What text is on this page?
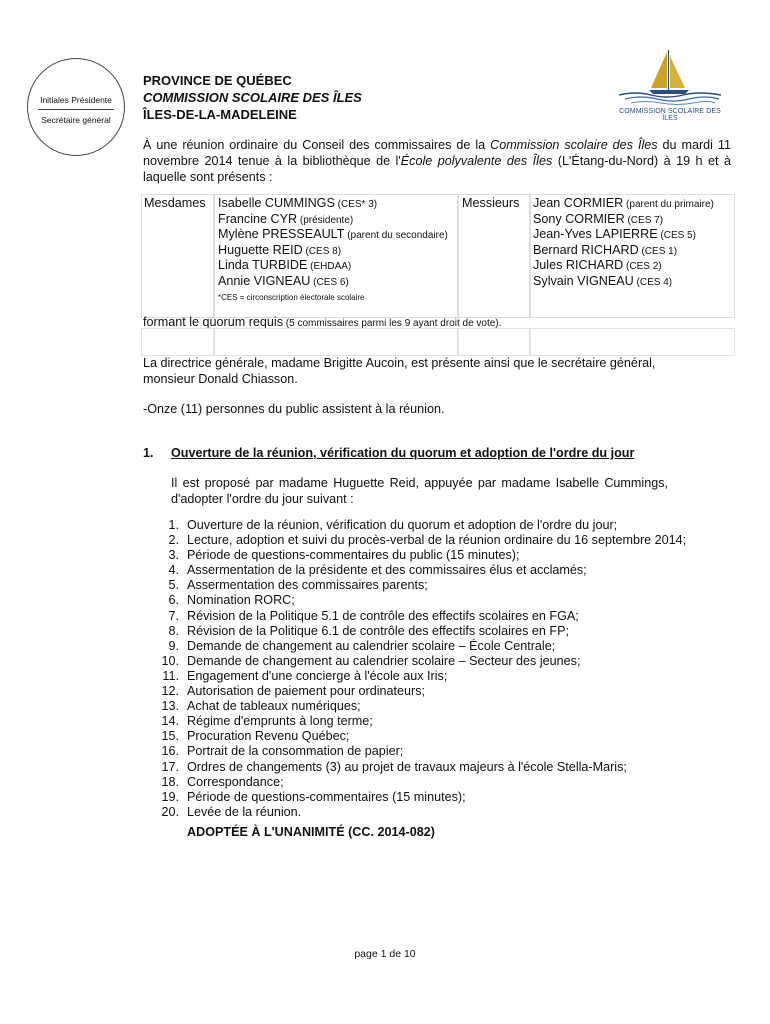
Initiales Présidente
Secrétaire général
PROVINCE DE QUÉBEC
COMMISSION SCOLAIRE DES ÎLES
ÎLES-DE-LA-MADELEINE	COMMISSION SCOLAIRE DES ÎLES
À une réunion ordinaire du Conseil des commissaires de la Commission scolaire des Îles du mardi 11 novembre 2014 tenue à la bibliothèque de l'École polyvalente des Îles (L'Étang-du-Nord) à 19 h et à laquelle sont présents :
Mesdames Isabelle CUMMINGS (CES* 3)
Francine CYR (présidente)
Mylène PRESSEAULT (parent du secondaire)
Huguette REID (CES 8)
Linda TURBIDE (EHDAA)
Annie VIGNEAU (CES 6)
*CES = circonscription électorale scolaire
Messieurs Jean CORMIER (parent du primaire)
Sony CORMIER (CES 7)
Jean-Yves LAPIERRE (CES 5)
Bernard RICHARD (CES 1)
Jules RICHARD (CES 2)
Sylvain VIGNEAU (CES 4)
formant le quorum requis (5 commissaires parmi les 9 ayant droit de vote).
La directrice générale, madame Brigitte Aucoin, est présente ainsi que le secrétaire général, monsieur Donald Chiasson.
-Onze (11) personnes du public assistent à la réunion.
1. Ouverture de la réunion, vérification du quorum et adoption de l'ordre du jour
Il est proposé par madame Huguette Reid, appuyée par madame Isabelle Cummings, d'adopter l'ordre du jour suivant :
1. Ouverture de la réunion, vérification du quorum et adoption de l'ordre du jour;
2. Lecture, adoption et suivi du procès-verbal de la réunion ordinaire du 16 septembre 2014;
3. Période de questions-commentaires du public (15 minutes);
4. Assermentation de la présidente et des commissaires élus et acclamés;
5. Assermentation des commissaires parents;
6. Nomination RORC;
7. Révision de la Politique 5.1 de contrôle des effectifs scolaires en FGA;
8. Révision de la Politique 6.1 de contrôle des effectifs scolaires en FP;
9. Demande de changement au calendrier scolaire – École Centrale;
10. Demande de changement au calendrier scolaire – Secteur des jeunes;
11. Engagement d'une concierge à l'école aux Iris;
12. Autorisation de paiement pour ordinateurs;
13. Achat de tableaux numériques;
14. Régime d'emprunts à long terme;
15. Procuration Revenu Québec;
16. Portrait de la consommation de papier;
17. Ordres de changements (3) au projet de travaux majeurs à l'école Stella-Maris;
18. Correspondance;
19. Période de questions-commentaires (15 minutes);
20. Levée de la réunion.
ADOPTÉE À L'UNANIMITÉ (CC. 2014-082)
page 1 de 10
